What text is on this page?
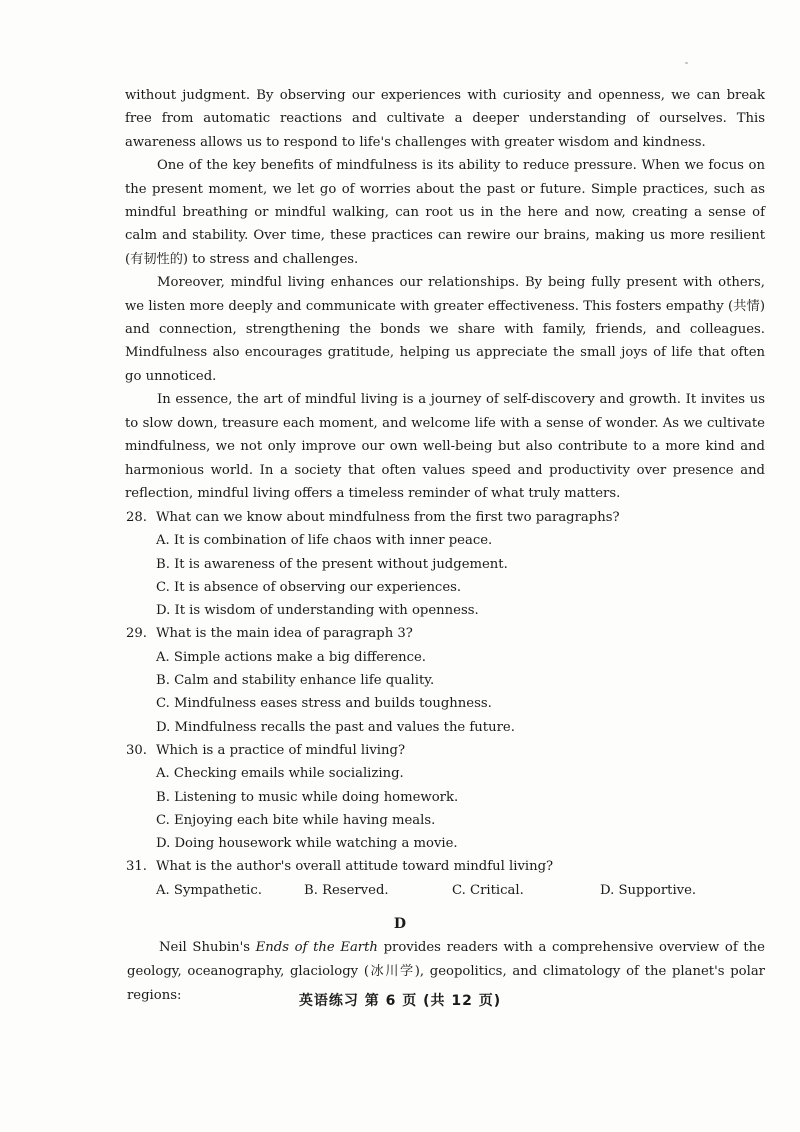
without judgment. By observing our experiences with curiosity and openness, we can break free from automatic reactions and cultivate a deeper understanding of ourselves. This awareness allows us to respond to life's challenges with greater wisdom and kindness.

One of the key benefits of mindfulness is its ability to reduce pressure. When we focus on the present moment, we let go of worries about the past or future. Simple practices, such as mindful breathing or mindful walking, can root us in the here and now, creating a sense of calm and stability. Over time, these practices can rewire our brains, making us more resilient (有韧性的) to stress and challenges.

Moreover, mindful living enhances our relationships. By being fully present with others, we listen more deeply and communicate with greater effectiveness. This fosters empathy (共情) and connection, strengthening the bonds we share with family, friends, and colleagues. Mindfulness also encourages gratitude, helping us appreciate the small joys of life that often go unnoticed.

In essence, the art of mindful living is a journey of self-discovery and growth. It invites us to slow down, treasure each moment, and welcome life with a sense of wonder. As we cultivate mindfulness, we not only improve our own well-being but also contribute to a more kind and harmonious world. In a society that often values speed and productivity over presence and reflection, mindful living offers a timeless reminder of what truly matters.

28. What can we know about mindfulness from the first two paragraphs?
A. It is combination of life chaos with inner peace.
B. It is awareness of the present without judgement.
C. It is absence of observing our experiences.
D. It is wisdom of understanding with openness.
29. What is the main idea of paragraph 3?
A. Simple actions make a big difference.
B. Calm and stability enhance life quality.
C. Mindfulness eases stress and builds toughness.
D. Mindfulness recalls the past and values the future.
30. Which is a practice of mindful living?
A. Checking emails while socializing.
B. Listening to music while doing homework.
C. Enjoying each bite while having meals.
D. Doing housework while watching a movie.
31. What is the author's overall attitude toward mindful living?
A. Sympathetic.	B. Reserved.	C. Critical.	D. Supportive.
D

Neil Shubin's Ends of the Earth provides readers with a comprehensive overview of the geology, oceanography, glaciology (冰川学), geopolitics, and climatology of the planet's polar regions:	英语练习 第 6 页 (共 12 页)
